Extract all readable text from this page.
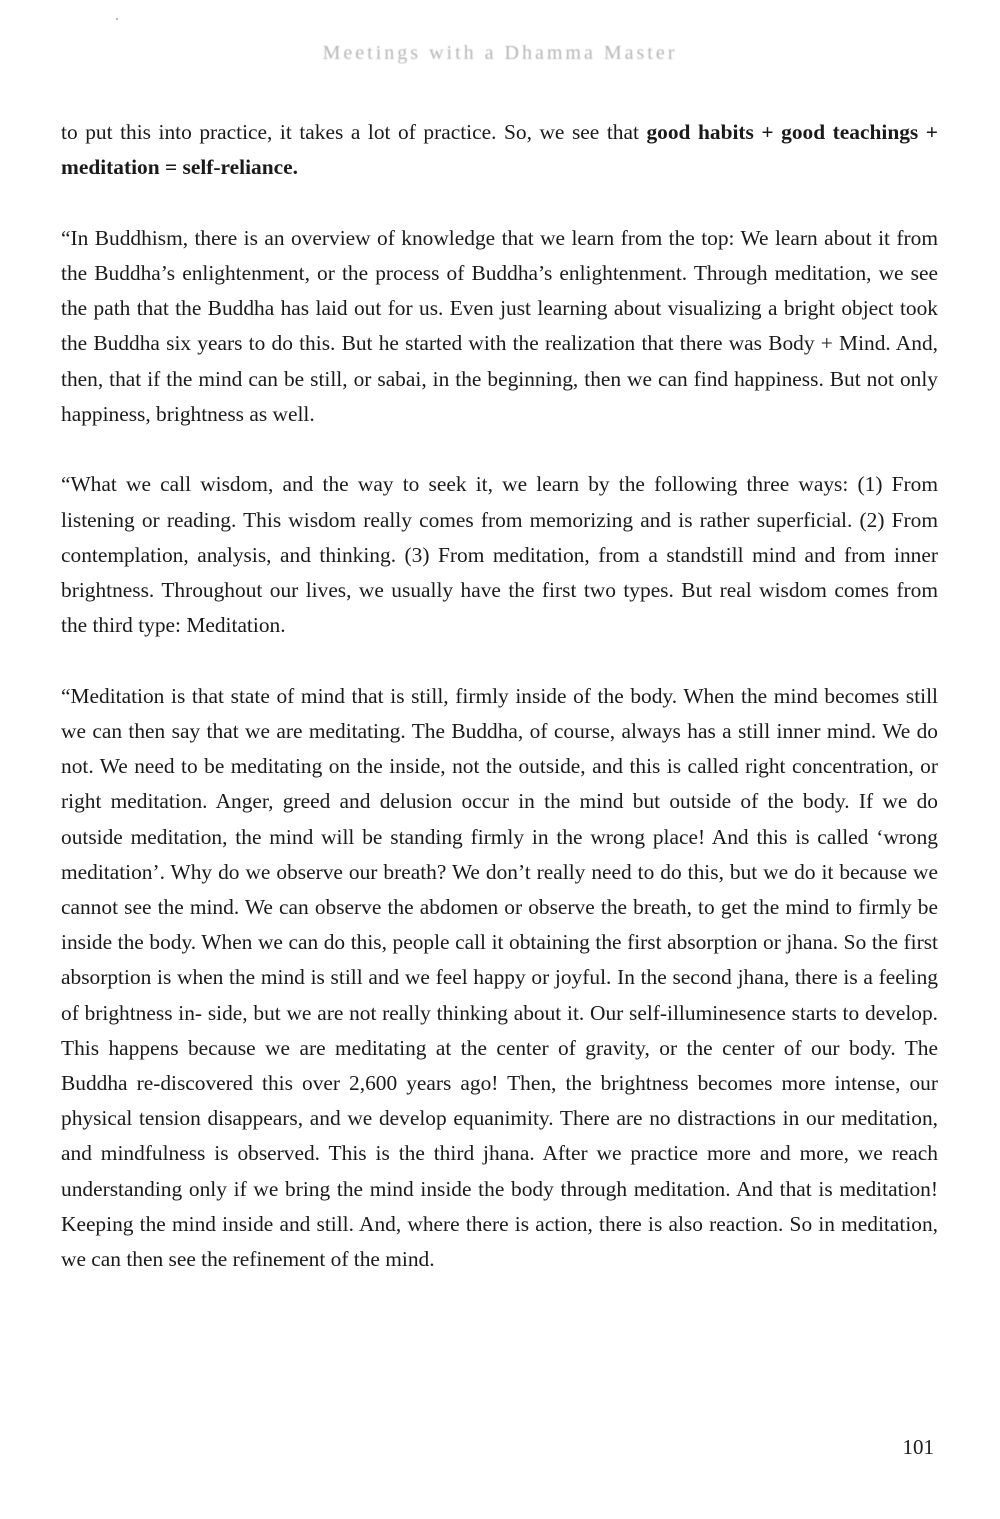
Meetings with a Dhamma Master

to put this into practice, it takes a lot of practice. So, we see that good habits + good teachings + meditation = self-reliance.

“In Buddhism, there is an overview of knowledge that we learn from the top: We learn about it from the Buddha’s enlightenment, or the process of Buddha’s enlightenment. Through meditation, we see the path that the Buddha has laid out for us. Even just learning about visualizing a bright object took the Buddha six years to do this. But he started with the realization that there was Body + Mind. And, then, that if the mind can be still, or sabai, in the beginning, then we can find happiness. But not only happiness, brightness as well.

“What we call wisdom, and the way to seek it, we learn by the following three ways: (1) From listening or reading. This wisdom really comes from memorizing and is rather superficial. (2) From contemplation, analysis, and thinking. (3) From meditation, from a standstill mind and from inner brightness. Throughout our lives, we usually have the first two types. But real wisdom comes from the third type: Meditation.

“Meditation is that state of mind that is still, firmly inside of the body. When the mind becomes still we can then say that we are meditating. The Buddha, of course, always has a still inner mind. We do not. We need to be meditating on the inside, not the outside, and this is called right concentration, or right meditation. Anger, greed and delusion occur in the mind but outside of the body. If we do outside meditation, the mind will be standing firmly in the wrong place! And this is called ‘wrong meditation’. Why do we observe our breath? We don’t really need to do this, but we do it because we cannot see the mind. We can observe the abdomen or observe the breath, to get the mind to firmly be inside the body. When we can do this, people call it obtaining the first absorption or jhana. So the first absorption is when the mind is still and we feel happy or joyful. In the second jhana, there is a feeling of brightness in- side, but we are not really thinking about it. Our self-illuminesence starts to develop. This happens because we are meditating at the center of gravity, or the center of our body. The Buddha re-discovered this over 2,600 years ago! Then, the brightness becomes more intense, our physical tension disappears, and we develop equanimity. There are no distractions in our meditation, and mindfulness is observed. This is the third jhana. After we practice more and more, we reach understanding only if we bring the mind inside the body through meditation. And that is meditation! Keeping the mind inside and still. And, where there is action, there is also reaction. So in meditation, we can then see the refinement of the mind.

101
